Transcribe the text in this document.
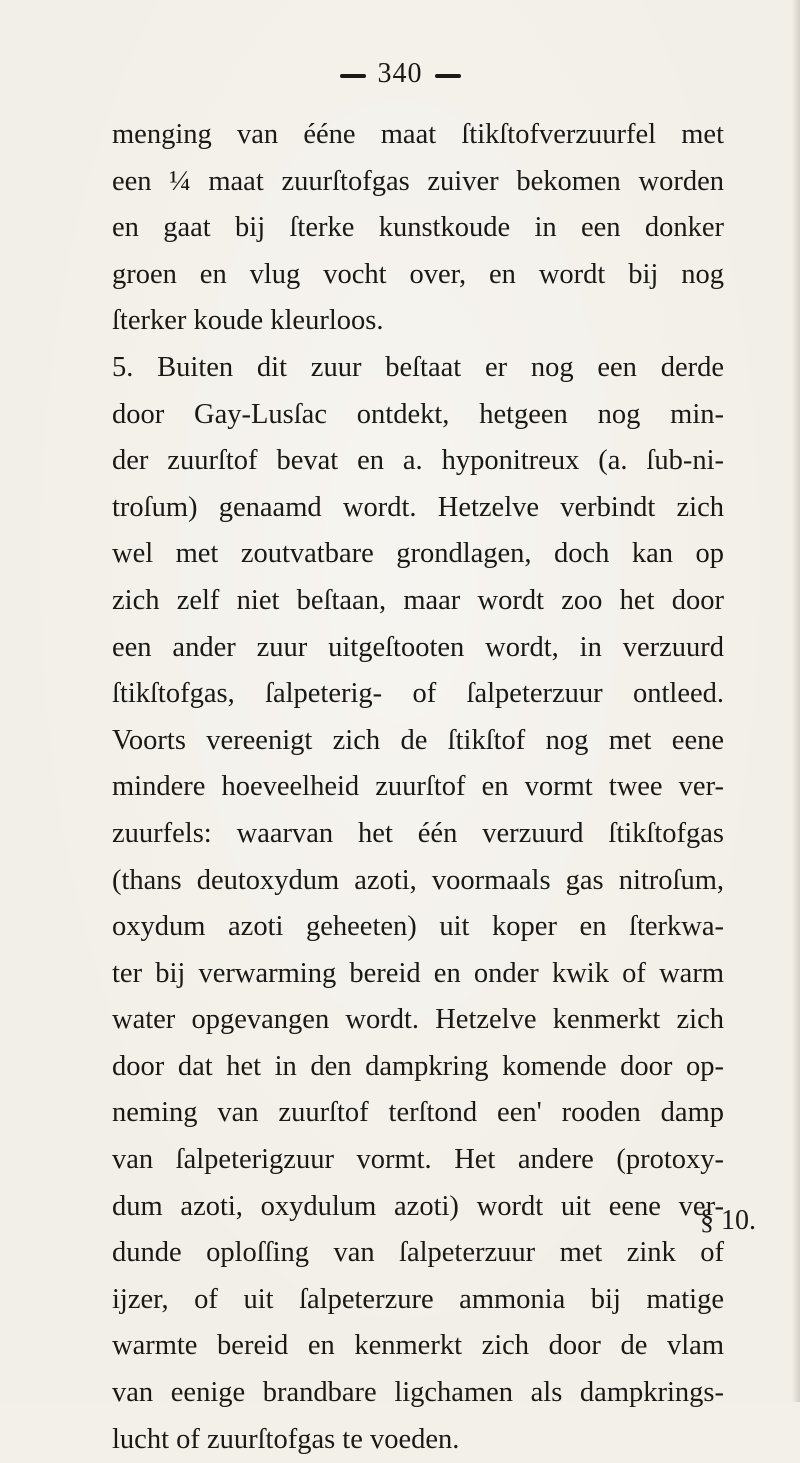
340
menging van ééne maat ſtikſtofverzuurfel met
een ¼ maat zuurſtofgas zuiver bekomen worden
en gaat bij ſterke kunstkoude in een donker
groen en vlug vocht over, en wordt bij nog
ſterker koude kleurloos.
5. Buiten dit zuur beſtaat er nog een derde
door Gay-Lusſac ontdekt, hetgeen nog min-
der zuurſtof bevat en a. hyponitreux (a. ſub-ni-
troſum) genaamd wordt. Hetzelve verbindt zich
wel met zoutvatbare grondlagen, doch kan op
zich zelf niet beſtaan, maar wordt zoo het door
een ander zuur uitgeſtooten wordt, in verzuurd
ſtikſtofgas, ſalpeterig- of ſalpeterzuur ontleed.
Voorts vereenigt zich de ſtikſtof nog met eene
mindere hoeveelheid zuurſtof en vormt twee ver-
zuurfels: waarvan het één verzuurd ſtikſtofgas
(thans deutoxydum azoti, voormaals gas nitroſum,
oxydum azoti geheeten) uit koper en ſterkwa-
ter bij verwarming bereid en onder kwik of warm
water opgevangen wordt. Hetzelve kenmerkt zich
door dat het in den dampkring komende door op-
neming van zuurſtof terſtond een' rooden damp
van ſalpeterigzuur vormt. Het andere (protoxy-
dum azoti, oxydulum azoti) wordt uit eene ver-
dunde oploſſing van ſalpeterzuur met zink of
ijzer, of uit ſalpeterzure ammonia bij matige
warmte bereid en kenmerkt zich door de vlam
van eenige brandbare ligchamen als dampkrings-
lucht of zuurſtofgas te voeden.
§ 10.
